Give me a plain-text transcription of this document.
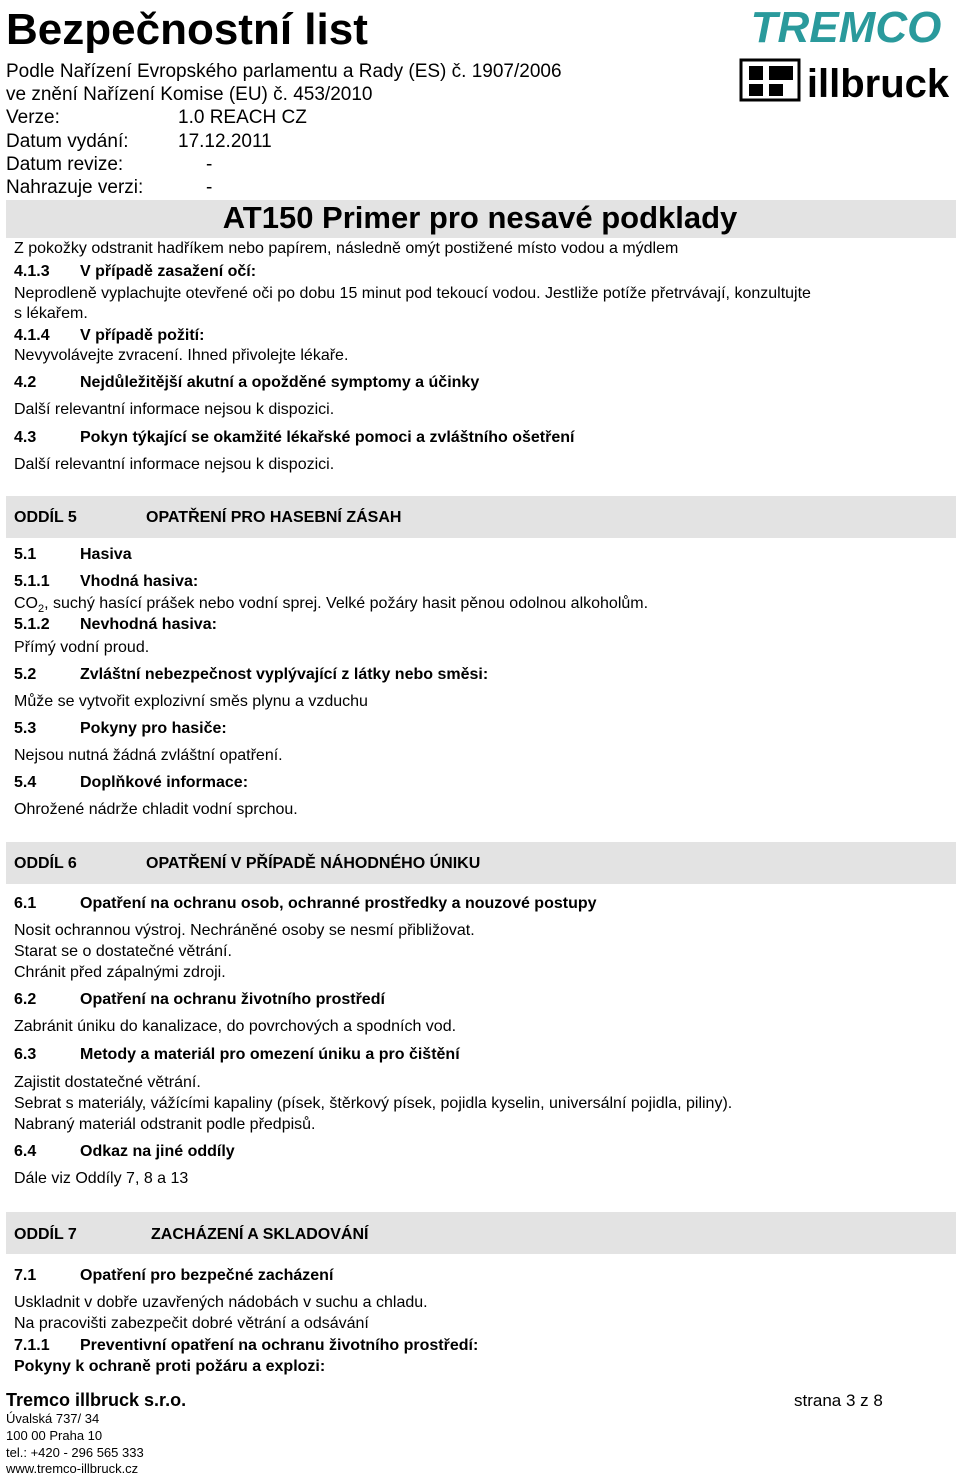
Bezpečnostní list
Podle Nařízení Evropského parlamentu a Rady (ES) č. 1907/2006
ve znění Nařízení Komise (EU) č. 453/2010
Verze:	1.0 REACH CZ
Datum vydání:	17.12.2011
Datum revize:	-
Nahrazuje verzi:	-
TREMCO
illbruck
AT150 Primer pro nesavé podklady
Z pokožky odstranit hadříkem nebo papírem, následně omýt postižené místo vodou a mýdlem
4.1.3 V případě zasažení očí:
Neprodleně vyplachujte otevřené oči po dobu 15 minut pod tekoucí vodou. Jestliže potíže přetrvávají, konzultujte
s lékařem.
4.1.4 V případě požití:
Nevyvolávejte zvracení. Ihned přivolejte lékaře.
4.2	Nejdůležitější akutní a opožděné symptomy a účinky
Další relevantní informace nejsou k dispozici.
4.3	Pokyn týkající se okamžité lékařské pomoci a zvláštního ošetření
Další relevantní informace nejsou k dispozici.
ODDÍL 5	OPATŘENÍ PRO HASEBNÍ ZÁSAH
5.1	Hasiva
5.1.1 Vhodná hasiva:
$CO_2$, suchý hasící prášek nebo vodní sprej. Velké požáry hasit pěnou odolnou alkoholům.
5.1.2 Nevhodná hasiva:
Přímý vodní proud.
5.2	Zvláštní nebezpečnost vyplývající z látky nebo směsi:
Může se vytvořit explozivní směs plynu a vzduchu
5.3	Pokyny pro hasiče:
Nejsou nutná žádná zvláštní opatření.
5.4	Doplňkové informace:
Ohrožené nádrže chladit vodní sprchou.
ODDÍL 6	OPATŘENÍ V PŘÍPADĚ NÁHODNÉHO ÚNIKU
6.1	Opatření na ochranu osob, ochranné prostředky a nouzové postupy
Nosit ochrannou výstroj. Nechráněné osoby se nesmí přibližovat.
Starat se o dostatečné větrání.
Chránit před zápalnými zdroji.
6.2	Opatření na ochranu životního prostředí
Zabránit úniku do kanalizace, do povrchových a spodních vod.
6.3	Metody a materiál pro omezení úniku a pro čištění
Zajistit dostatečné větrání.
Sebrat s materiály, vážícími kapaliny (písek, štěrkový písek, pojidla kyselin, universální pojidla, piliny).
Nabraný materiál odstranit podle předpisů.
6.4	Odkaz na jiné oddíly
Dále viz Oddíly 7, 8 a 13
ODDÍL 7	ZACHÁZENÍ A SKLADOVÁNÍ
7.1	Opatření pro bezpečné zacházení
Uskladnit v dobře uzavřených nádobách v suchu a chladu.
Na pracovišti zabezpečit dobré větrání a odsávání
7.1.1 Preventivní opatření na ochranu životního prostředí:
Pokyny k ochraně proti požáru a explozi:
Tremco illbruck s.r.o.	strana 3 z 8
Úvalská 737/ 34
100 00 Praha 10
tel.: +420 - 296 565 333
www.tremco-illbruck.cz
